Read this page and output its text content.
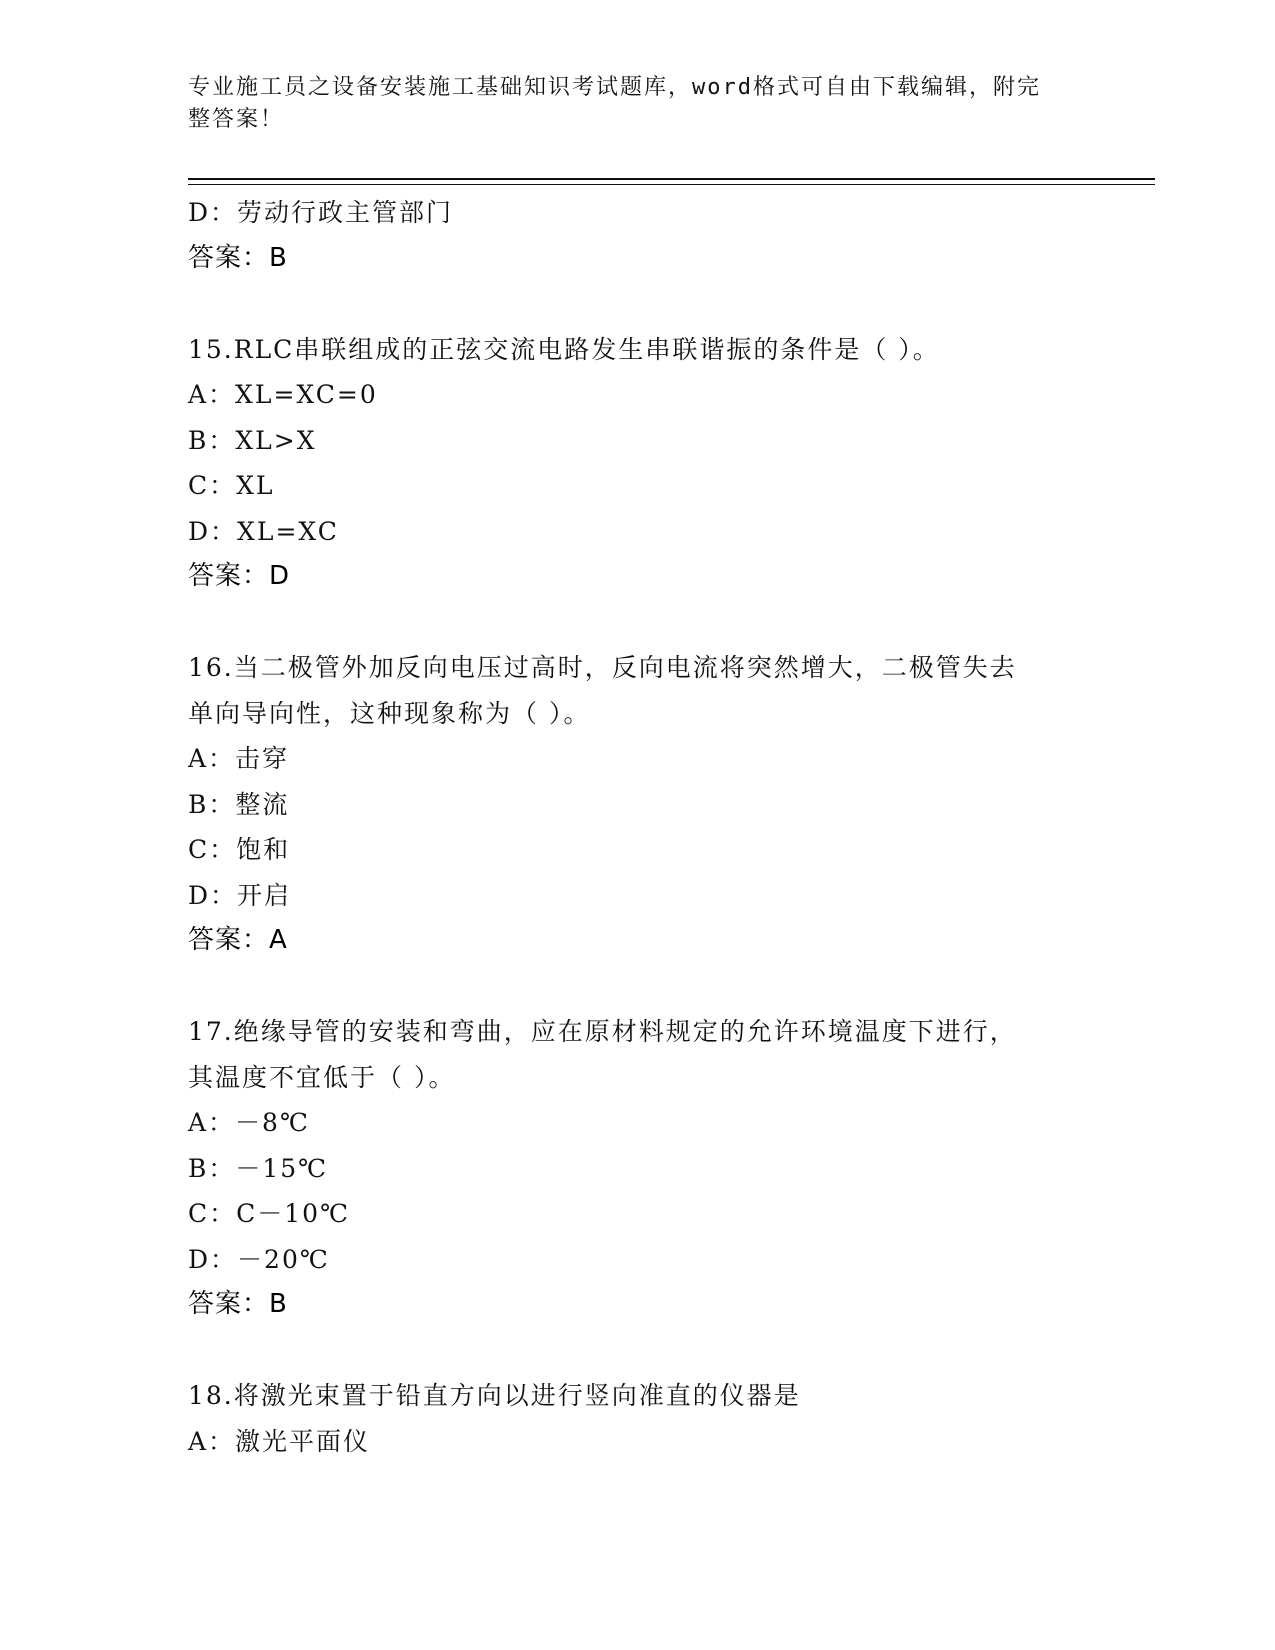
专业施工员之设备安装施工基础知识考试题库，word格式可自由下载编辑，附完
整答案！
D：劳动行政主管部门
答案：B
15.RLC串联组成的正弦交流电路发生串联谐振的条件是（ ）。
A：XL=XC=0
B：XL>X
C：XL
D：XL=XC
答案：D
16.当二极管外加反向电压过高时，反向电流将突然增大，二极管失去
单向导向性，这种现象称为（ ）。
A：击穿
B：整流
C：饱和
D：开启
答案：A
17.绝缘导管的安装和弯曲，应在原材料规定的允许环境温度下进行，
其温度不宜低于（ ）。
A：－8℃
B：－15℃
C：C－10℃
D：－20℃
答案：B
18.将激光束置于铅直方向以进行竖向准直的仪器是
A：激光平面仪
